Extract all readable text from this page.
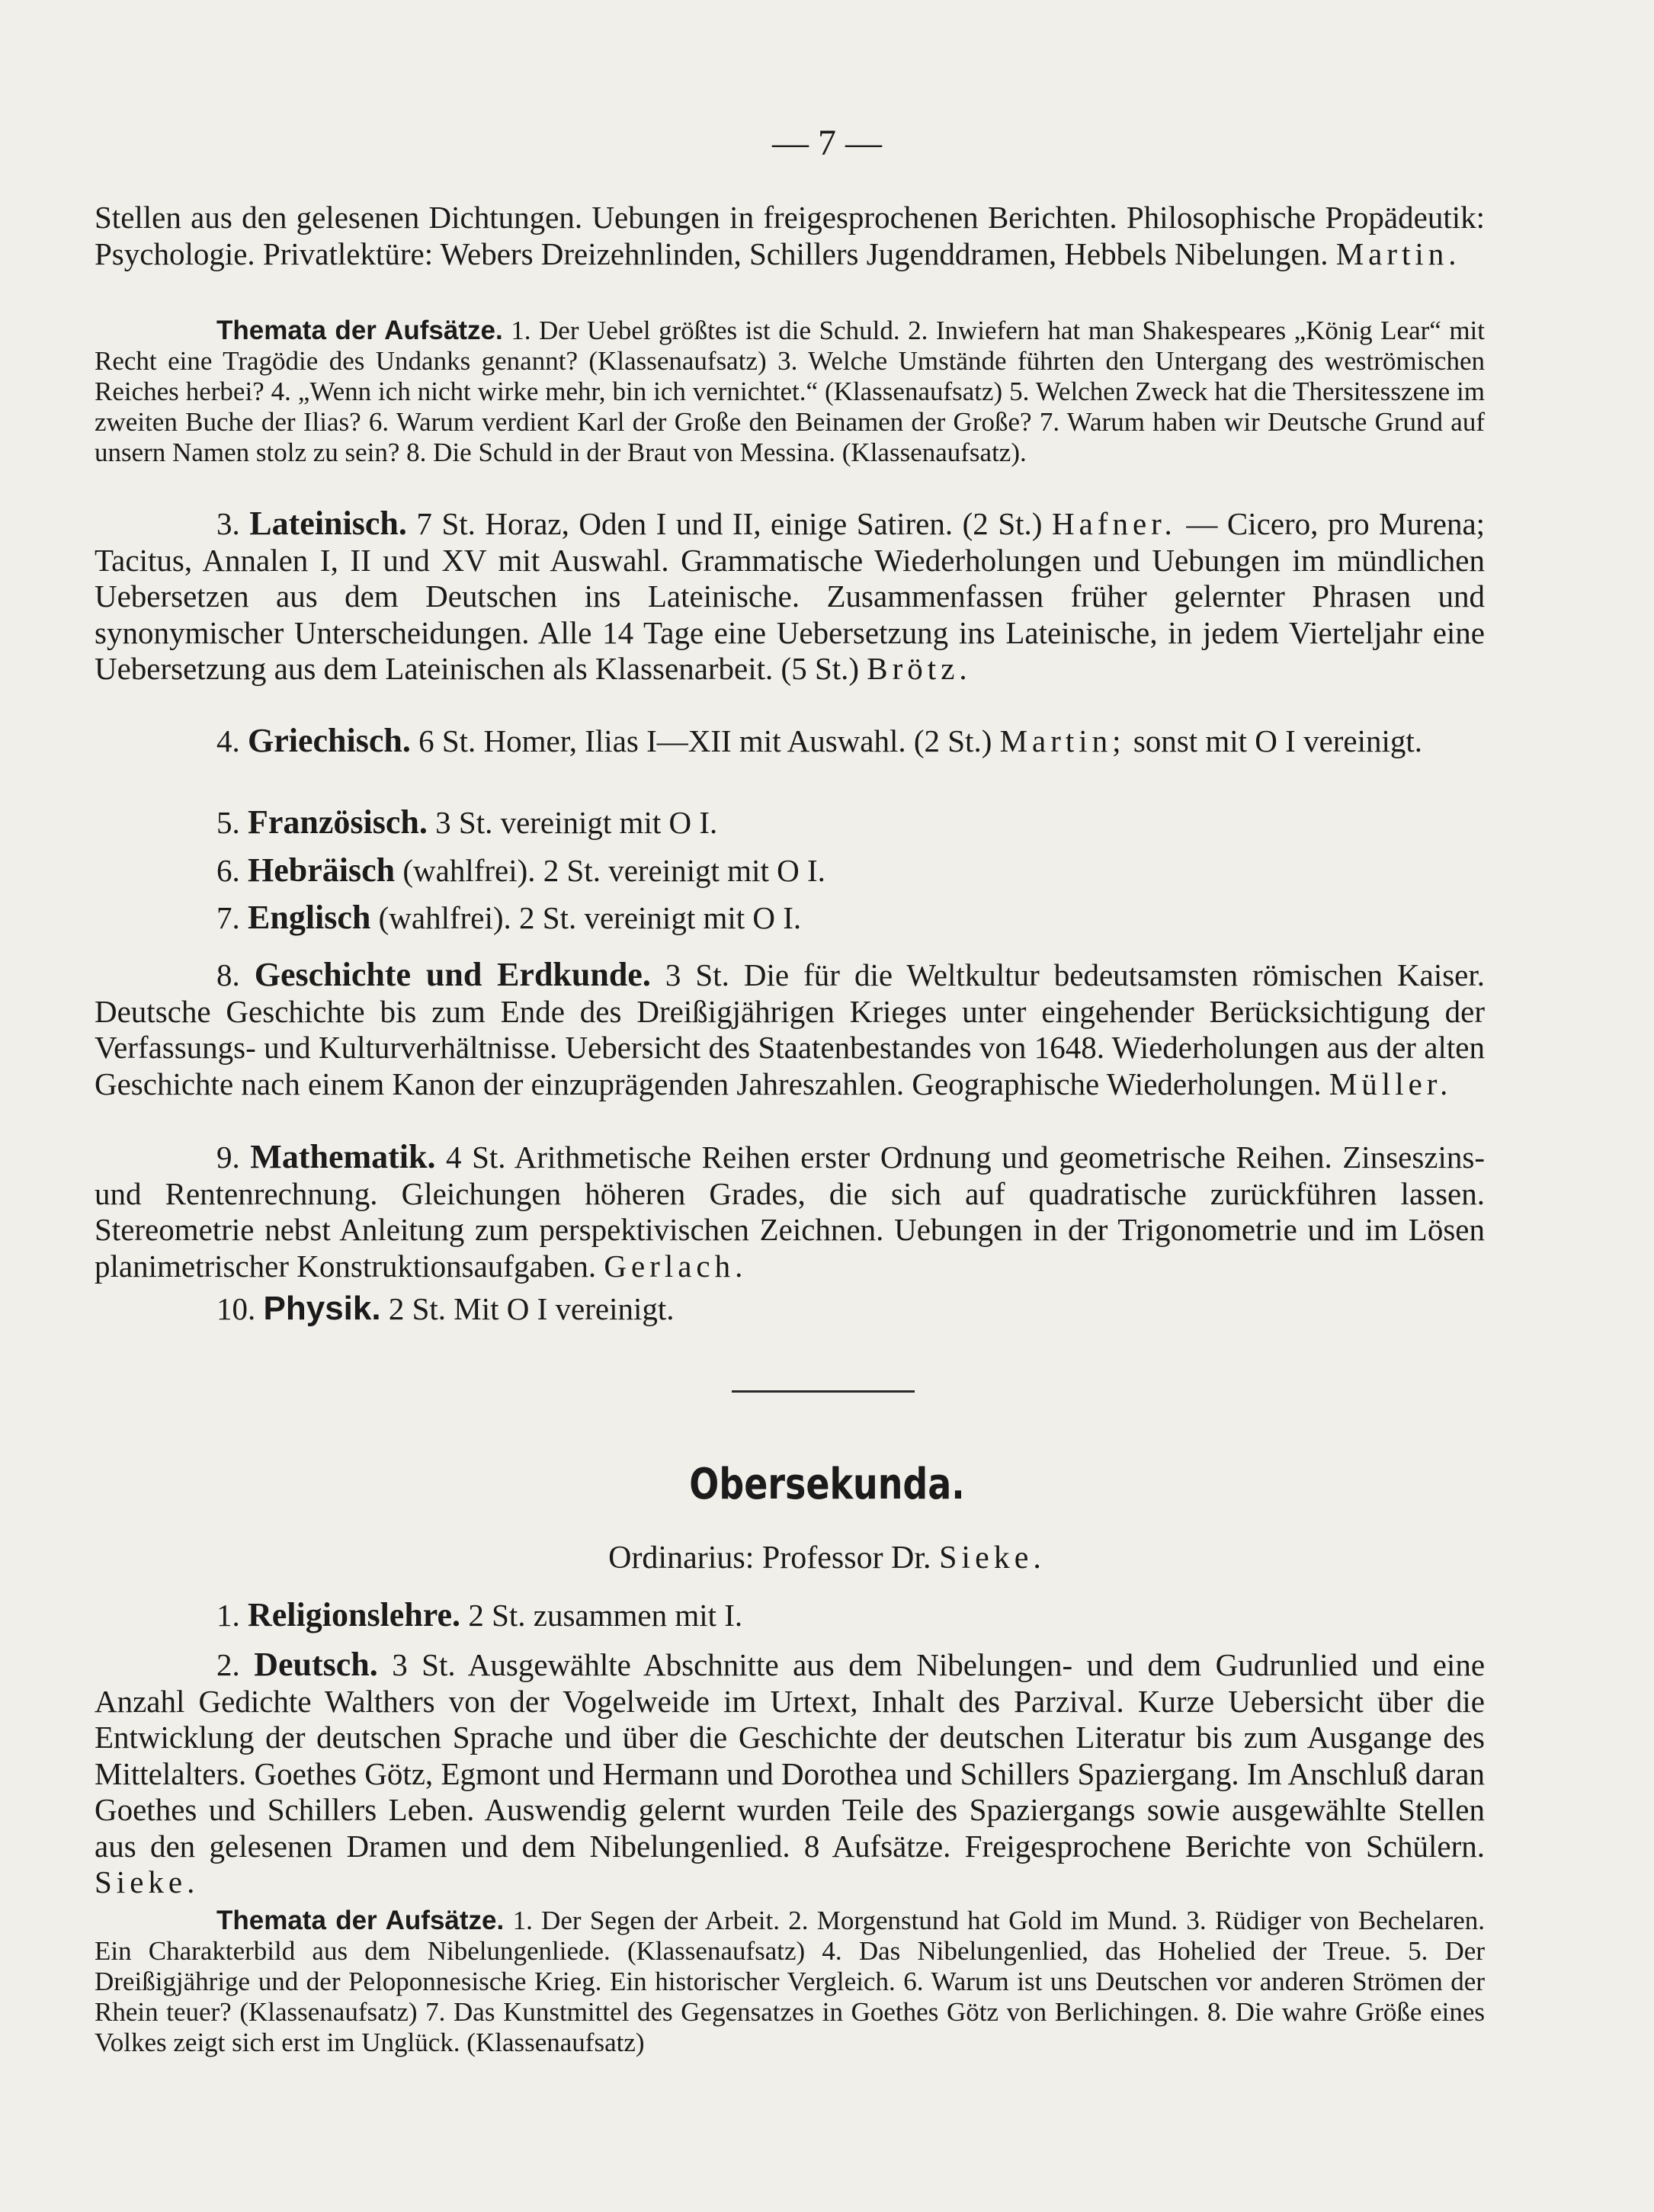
— 7 —
Stellen aus den gelesenen Dichtungen. Uebungen in freigesprochenen Berichten. Philosophische Propädeutik: Psychologie. Privatlektüre: Webers Dreizehnlinden, Schillers Jugenddramen, Hebbels Nibelungen. Martin.
Themata der Aufsätze. 1. Der Uebel größtes ist die Schuld. 2. Inwiefern hat man Shakespeares „König Lear“ mit Recht eine Tragödie des Undanks genannt? (Klassenaufsatz) 3. Welche Umstände führten den Untergang des weströmischen Reiches herbei? 4. „Wenn ich nicht wirke mehr, bin ich vernichtet.“ (Klassenaufsatz) 5. Welchen Zweck hat die Thersitesszene im zweiten Buche der Ilias? 6. Warum verdient Karl der Große den Beinamen der Große? 7. Warum haben wir Deutsche Grund auf unsern Namen stolz zu sein? 8. Die Schuld in der Braut von Messina. (Klassenaufsatz).
3. Lateinisch. 7 St. Horaz, Oden I und II, einige Satiren. (2 St.) Hafner. — Cicero, pro Murena; Tacitus, Annalen I, II und XV mit Auswahl. Grammatische Wiederholungen und Uebungen im mündlichen Uebersetzen aus dem Deutschen ins Lateinische. Zusammenfassen früher gelernter Phrasen und synonymischer Unterscheidungen. Alle 14 Tage eine Uebersetzung ins Lateinische, in jedem Vierteljahr eine Uebersetzung aus dem Lateinischen als Klassenarbeit. (5 St.) Brötz.
4. Griechisch. 6 St. Homer, Ilias I—XII mit Auswahl. (2 St.) Martin; sonst mit O I vereinigt.
5. Französisch. 3 St. vereinigt mit O I.
6. Hebräisch (wahlfrei). 2 St. vereinigt mit O I.
7. Englisch (wahlfrei). 2 St. vereinigt mit O I.
8. Geschichte und Erdkunde. 3 St. Die für die Weltkultur bedeutsamsten römischen Kaiser. Deutsche Geschichte bis zum Ende des Dreißigjährigen Krieges unter eingehender Berücksichtigung der Verfassungs- und Kulturverhältnisse. Uebersicht des Staatenbestandes von 1648. Wiederholungen aus der alten Geschichte nach einem Kanon der einzuprägenden Jahreszahlen. Geographische Wiederholungen. Müller.
9. Mathematik. 4 St. Arithmetische Reihen erster Ordnung und geometrische Reihen. Zinseszins- und Rentenrechnung. Gleichungen höheren Grades, die sich auf quadratische zurückführen lassen. Stereometrie nebst Anleitung zum perspektivischen Zeichnen. Uebungen in der Trigonometrie und im Lösen planimetrischer Konstruktionsaufgaben. Gerlach.
10. Physik. 2 St. Mit O I vereinigt.
Obersekunda.
Ordinarius: Professor Dr. Sieke.
1. Religionslehre. 2 St. zusammen mit I.
2. Deutsch. 3 St. Ausgewählte Abschnitte aus dem Nibelungen- und dem Gudrunlied und eine Anzahl Gedichte Walthers von der Vogelweide im Urtext, Inhalt des Parzival. Kurze Uebersicht über die Entwicklung der deutschen Sprache und über die Geschichte der deutschen Literatur bis zum Ausgange des Mittelalters. Goethes Götz, Egmont und Hermann und Dorothea und Schillers Spaziergang. Im Anschluß daran Goethes und Schillers Leben. Auswendig gelernt wurden Teile des Spaziergangs sowie ausgewählte Stellen aus den gelesenen Dramen und dem Nibelungenlied. 8 Aufsätze. Freigesprochene Berichte von Schülern. Sieke.
Themata der Aufsätze. 1. Der Segen der Arbeit. 2. Morgenstund hat Gold im Mund. 3. Rüdiger von Bechelaren. Ein Charakterbild aus dem Nibelungenliede. (Klassenaufsatz) 4. Das Nibelungenlied, das Hohelied der Treue. 5. Der Dreißigjährige und der Peloponnesische Krieg. Ein historischer Vergleich. 6. Warum ist uns Deutschen vor anderen Strömen der Rhein teuer? (Klassenaufsatz) 7. Das Kunstmittel des Gegensatzes in Goethes Götz von Berlichingen. 8. Die wahre Größe eines Volkes zeigt sich erst im Unglück. (Klassenaufsatz)
